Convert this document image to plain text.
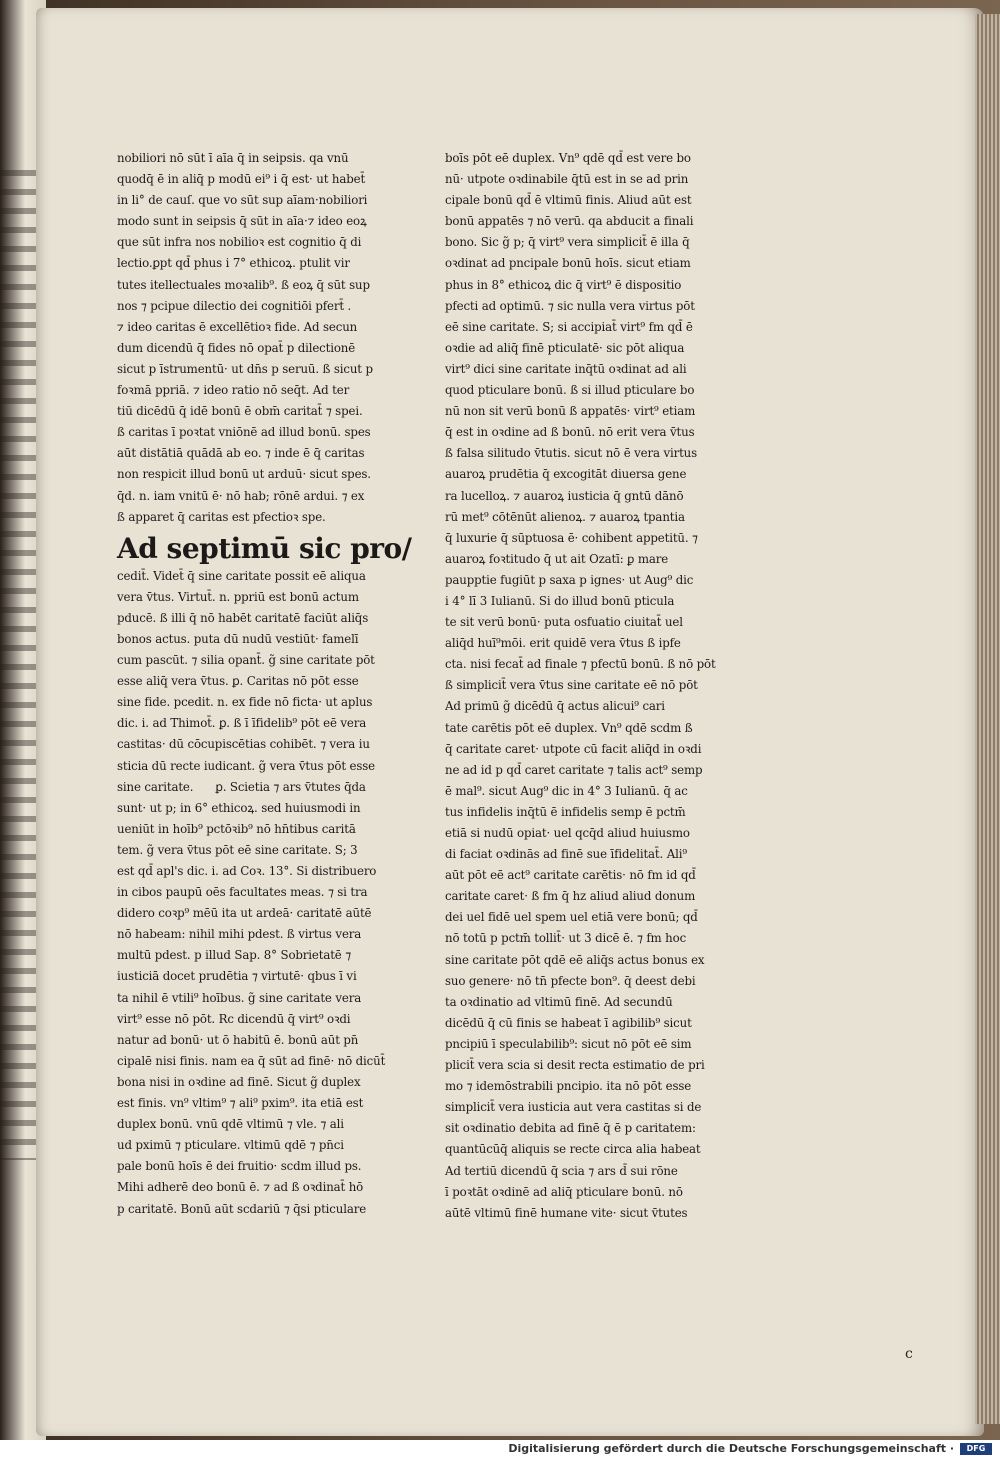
nobiliori nō sūt ī aīa q̄ in seipsis. qa vnū
quodq̄ ē in aliq̄ p modū ei⁹ i q̄ est· ut habet̄
in li° de cauſ. que vo sūt sup aīam·nobiliori
modo sunt in seipsis q̄ sūt in aīa·⁊ ideo eoꝝ
que sūt infra nos nobilioꝛ est cognitio q̄ di
lectio.ꝑpt qd̄ phus i 7° ethicoꝝ. ptulit vir
tutes itellectuales moꝛalib⁹. ß eoꝝ q̄ sūt sup
nos ⁊ pcipue dilectio dei cognitiōi pfert̄ .
⁊ ideo caritas ē excellētioꝛ fide. Ad secun
dum dicendū q̄ fides nō opat̄ p dilectionē
sicut p īstrumentū· ut dn̄s p seruū. ß sicut p
foꝛmā ppriā. ⁊ ideo ratio nō seq̄t. Ad ter
tiū dicēdū q̄ idē bonū ē obm̄ caritat̄ ⁊ spei.
ß caritas ī poꝛtat vniōnē ad illud bonū. spes
aūt distātiā quādā ab eo. ⁊ inde ē q̄ caritas
non respicit illud bonū ut arduū· sicut spes.
q̄d. n. iam vnitū ē· nō hab; rōnē ardui. ⁊ ex
ß apparet q̄ caritas est pfectioꝛ spe.
Ad septimū sic pro/
cedit̄. Videt̄ q̄ sine caritate possit eē aliqua
vera v̄tus. Virtut̄. n. ppriū est bonū actum
pducē. ß illi q̄ nō habēt caritatē faciūt aliq̄s
bonos actus. puta dū nudū vestiūt· famelī
cum pascūt. ⁊ silia opant̄. g̃ sine caritate pōt
esse aliq̄ vera v̄tus. ꝑ. Caritas nō pōt esse
sine fide. pcedit. n. ex fide nō ficta· ut aplus
dic. i. ad Thimot̄. ꝑ. ß ī īfidelib⁹ pōt eē vera
castitas· dū cōcupiscētias cohibēt. ⁊ vera iu
sticia dū recte iudicant. g̃ vera v̄tus pōt esse
sine caritate. ꝑ. Scietia ⁊ ars v̄tutes q̄da
sunt· ut p; in 6° ethicoꝝ. sed huiusmodi in
ueniūt in hoīb⁹ pctōꝛib⁹ nō hn̄tibus caritā
tem. g̃ vera v̄tus pōt eē sine caritate. S; 3
est qd̄ apl's dic. i. ad Coꝛ. 13°. Si distribuero
in cibos paupū oēs facultates meas. ⁊ si tra
didero coꝛp⁹ mēū ita ut ardeā· caritatē aūtē
nō habeam: nihil mihi pdest. ß virtus vera
multū pdest. p illud Sap. 8° Sobrietatē ⁊
iusticiā docet prudētia ⁊ virtutē· qbus ī vi
ta nihil ē vtili⁹ hoībus. g̃ sine caritate vera
virt⁹ esse nō pōt. Rc dicendū q̄ virt⁹ oꝛdi
natur ad bonū· ut ō habitū ē. bonū aūt pn̄
cipalē nisi finis. nam ea q̄ sūt ad finē· nō dicūt̄
bona nisi in oꝛdine ad finē. Sicut g̃ duplex
est finis. vn⁹ vltim⁹ ⁊ ali⁹ pxim⁹. ita etiā est
duplex bonū. vnū qdē vltimū ⁊ vle. ⁊ ali
ud pximū ⁊ pticulare. vltimū qdē ⁊ pn̄ci
pale bonū hoīs ē dei fruitio· scdm illud ps.
Mihi adherē deo bonū ē. ⁊ ad ß oꝛdinat̄ hō
p caritatē. Bonū aūt scdariū ⁊ q̄si pticulare
boīs pōt eē duplex. Vn⁹ qdē qd̄ est vere bo
nū· utpote oꝛdinabile q̄tū est in se ad prin
cipale bonū qd̄ ē vltimū finis. Aliud aūt est
bonū appatēs ⁊ nō verū. qa abducit a finali
bono. Sic g̃ p; q̄ virt⁹ vera simplicit̄ ē illa q̄
oꝛdinat ad pncipale bonū hoīs. sicut etiam
phus in 8° ethicoꝝ dic q̄ virt⁹ ē dispositio
pfecti ad optimū. ⁊ sic nulla vera virtus pōt
eē sine caritate. S; si accipiat̄ virt⁹ fm qd̄ ē
oꝛdie ad aliq̄ finē pticulatē· sic pōt aliqua
virt⁹ dici sine caritate inq̄tū oꝛdinat ad ali
quod pticulare bonū. ß si illud pticulare bo
nū non sit verū bonū ß appatēs· virt⁹ etiam
q̄ est in oꝛdine ad ß bonū. nō erit vera v̄tus
ß falsa silitudo v̄tutis. sicut nō ē vera virtus
auaroꝝ prudētia q̄ excogitāt diuersa gene
ra lucelloꝝ. ⁊ auaroꝝ iusticia q̄ gntū dānō
rū met⁹ cōtēnūt alienoꝝ. ⁊ auaroꝝ tpantia
q̄ luxurie q̄ sūptuosa ē· cohibent appetitū. ⁊
auaroꝝ foꝛtitudo q̄ ut ait Ozatī: ꝑ mare
paupptie fugiūt p saxa p ignes· ut Aug⁹ dic
i 4° lī 3 Iulianū. Si do illud bonū pticula
te sit verū bonū· puta osfuatio ciuitat̄ uel
aliq̄d huī⁹mōi. erit quidē vera v̄tus ß ipfe
cta. nisi fecat̄ ad finale ⁊ pfectū bonū. ß nō pōt
ß simplicit̄ vera v̄tus sine caritate eē nō pōt
Ad primū g̃ dicēdū q̄ actus alicui⁹ cari
tate carētis pōt eē duplex. Vn⁹ qdē scdm ß
q̄ caritate caret· utpote cū facit aliq̄d in oꝛdi
ne ad id p qd̄ caret caritate ⁊ talis act⁹ semp
ē mal⁹. sicut Aug⁹ dic in 4° 3 Iulianū. q̄ ac
tus infidelis inq̄tū ē infidelis semp ē pctm̄
etiā si nudū opiat· uel qcq̄d aliud huiusmo
di faciat oꝛdinās ad finē sue īfidelitat̄. Ali⁹
aūt pōt eē act⁹ caritate carētis· nō fm id qd̄
caritate caret· ß fm q̄ hz aliud aliud donum
dei uel fidē uel spem uel etiā vere bonū; qd̄
nō totū p pctm̄ tollit̄· ut 3 dicē ē. ⁊ fm hoc
sine caritate pōt qdē eē aliq̄s actus bonus ex
suo genere· nō tn̄ pfecte bon⁹. q̄ deest debi
ta oꝛdinatio ad vltimū finē. Ad secundū
dicēdū q̄ cū finis se habeat ī agibilib⁹ sicut
pncipiū ī speculabilib⁹: sicut nō pōt eē sim
plicit̄ vera scia si desit recta estimatio de pri
mo ⁊ idemōstrabili pncipio. ita nō pōt esse
simplicit̄ vera iusticia aut vera castitas si de
sit oꝛdinatio debita ad finē q̄ ē p caritatem:
quantūcūq̄ aliquis se recte circa alia habeat
Ad tertiū dicendū q̄ scia ⁊ ars d̄ sui rōne
ī poꝛtāt oꝛdinē ad aliq̄ pticulare bonū. nō
aūtē vltimū finē humane vite· sicut v̄tutes
c
Digitalisierung gefördert durch die Deutsche Forschungsgemeinschaft ·	DFG
